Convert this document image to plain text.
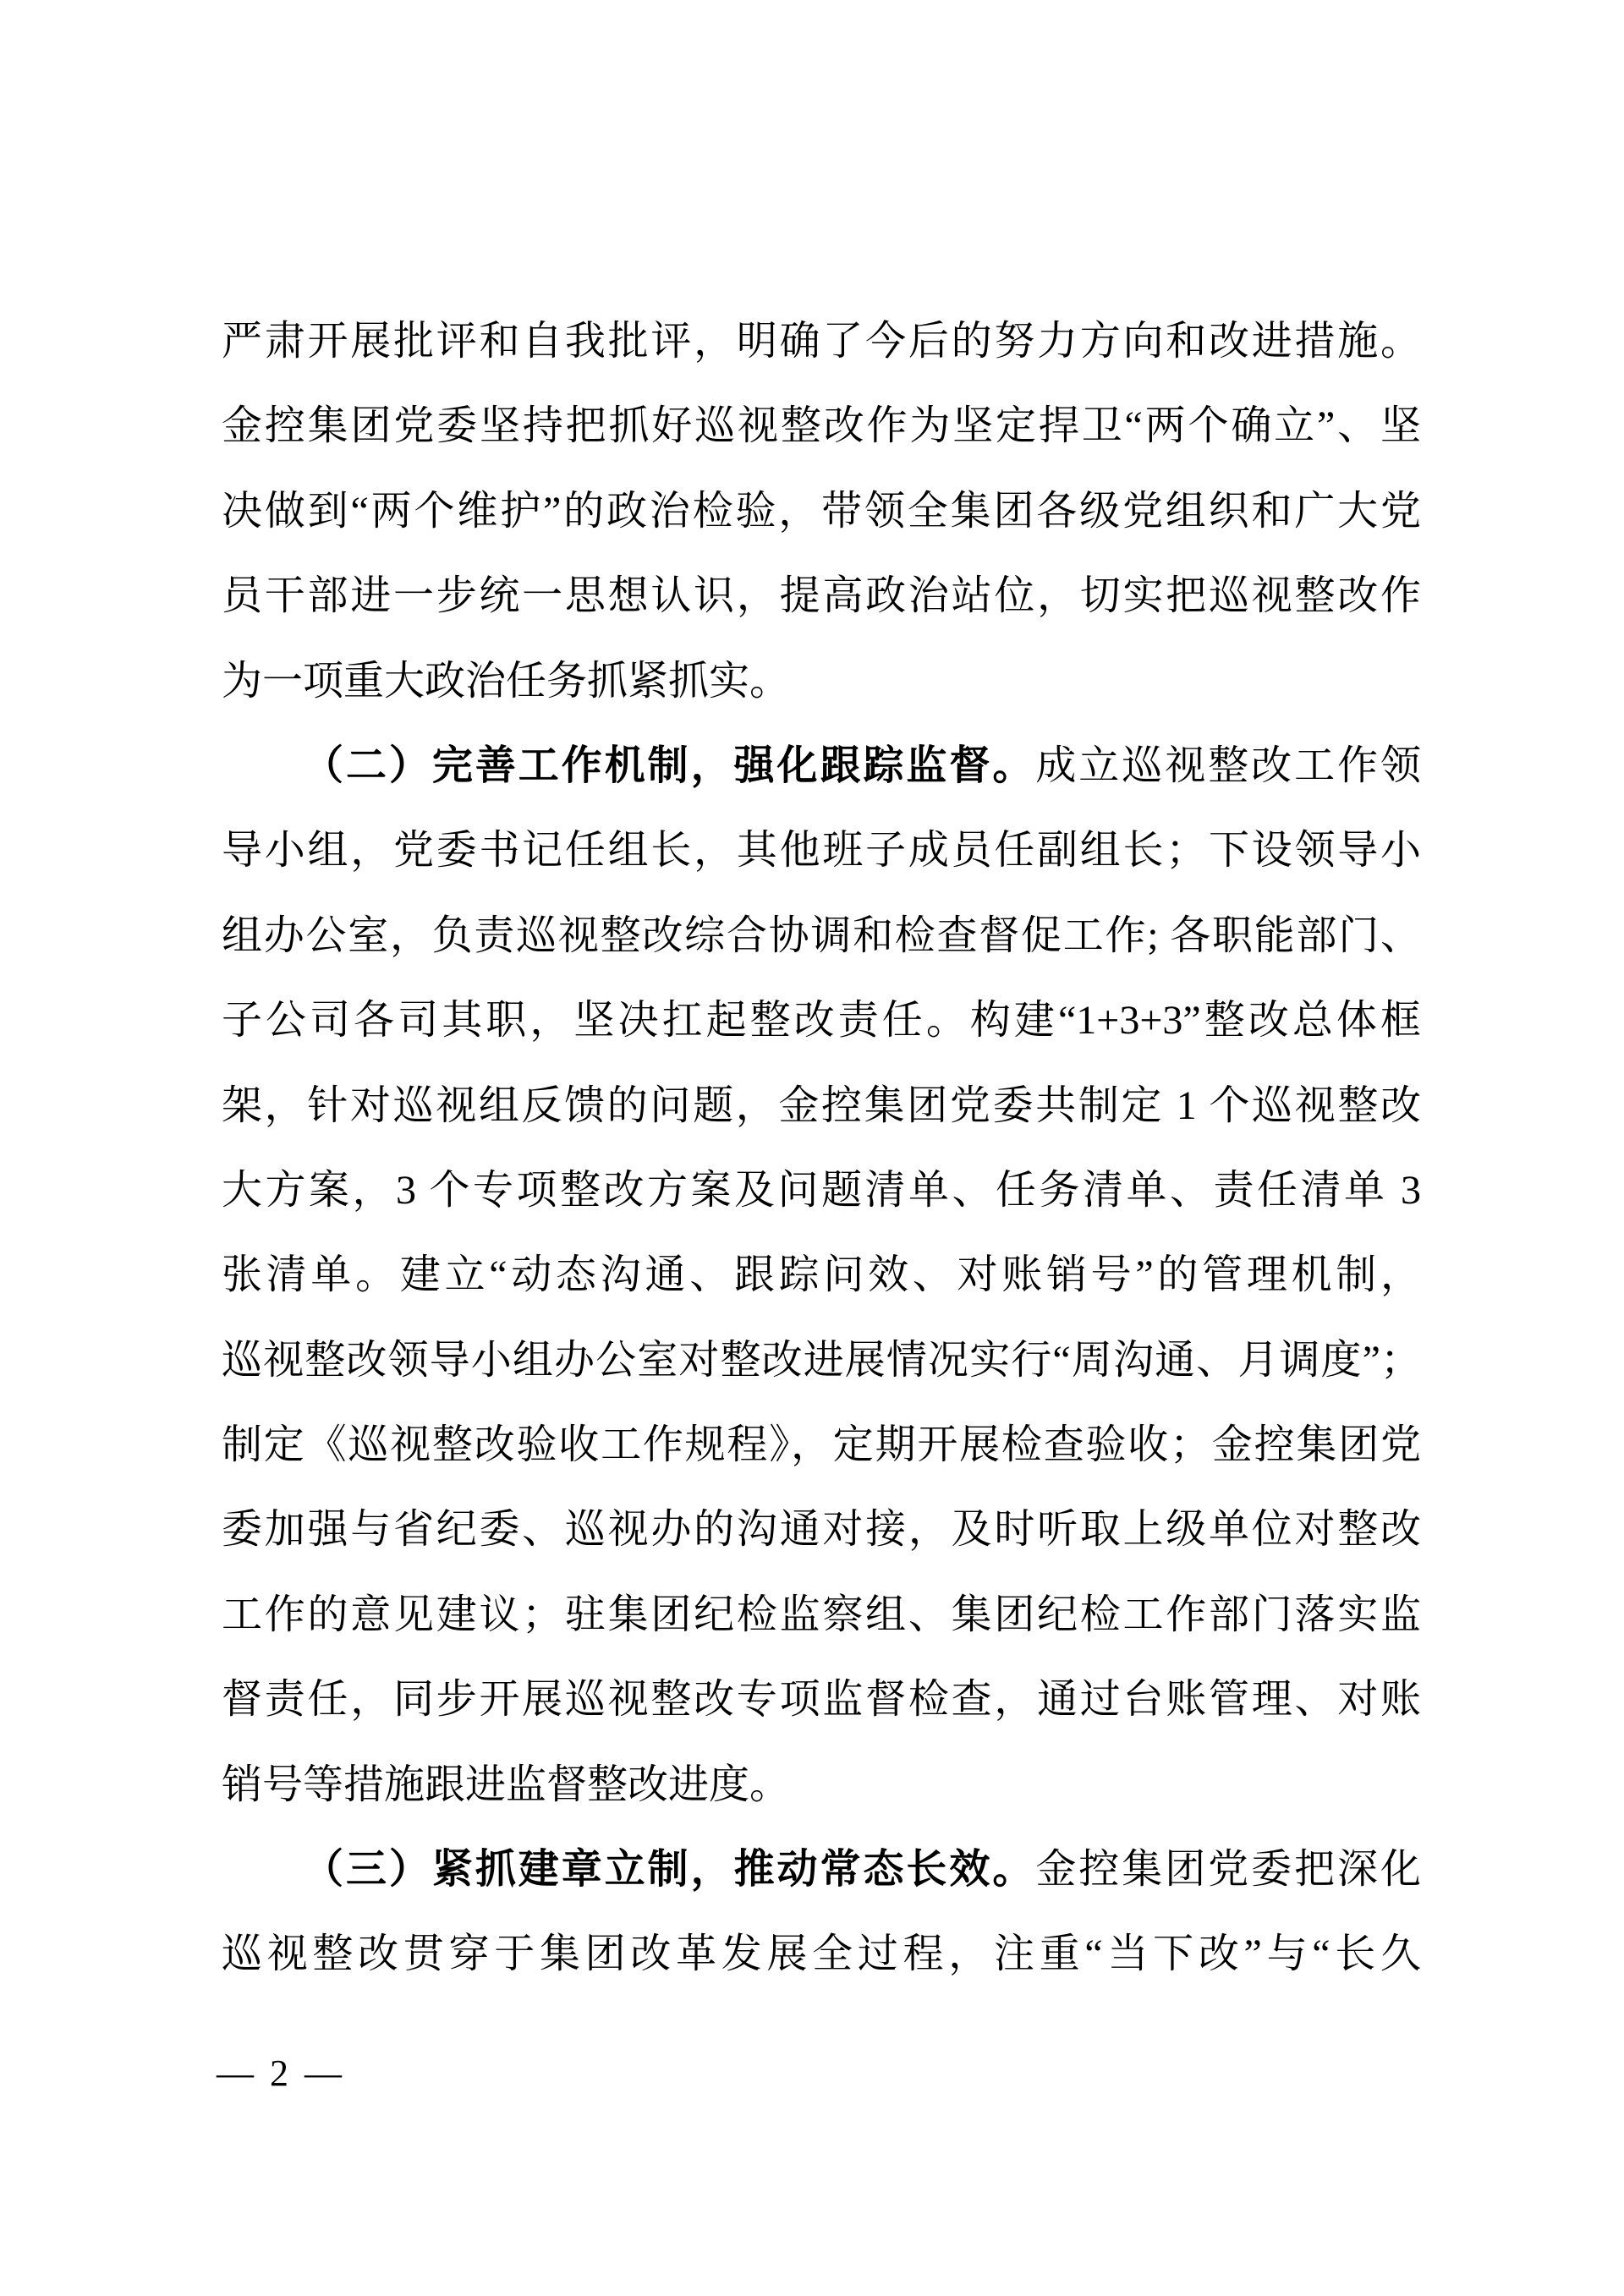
严肃开展批评和自我批评，明确了今后的努力方向和改进措施。
金控集团党委坚持把抓好巡视整改作为坚定捍卫“两个确立”、坚
决做到“两个维护”的政治检验，带领全集团各级党组织和广大党
员干部进一步统一思想认识，提高政治站位，切实把巡视整改作
为一项重大政治任务抓紧抓实。
（二）完善工作机制，强化跟踪监督。成立巡视整改工作领
导小组，党委书记任组长，其他班子成员任副组长；下设领导小
组办公室，负责巡视整改综合协调和检查督促工作; 各职能部门、
子公司各司其职，坚决扛起整改责任。构建“1+3+3”整改总体框
架，针对巡视组反馈的问题，金控集团党委共制定 1 个巡视整改
大方案，3 个专项整改方案及问题清单、任务清单、责任清单 3
张清单。建立“动态沟通、跟踪问效、对账销号”的管理机制，
巡视整改领导小组办公室对整改进展情况实行“周沟通、月调度”；
制定《巡视整改验收工作规程》，定期开展检查验收；金控集团党
委加强与省纪委、巡视办的沟通对接，及时听取上级单位对整改
工作的意见建议；驻集团纪检监察组、集团纪检工作部门落实监
督责任，同步开展巡视整改专项监督检查，通过台账管理、对账
销号等措施跟进监督整改进度。
（三）紧抓建章立制，推动常态长效。金控集团党委把深化
巡视整改贯穿于集团改革发展全过程，注重“当下改”与“长久
— 2 —
